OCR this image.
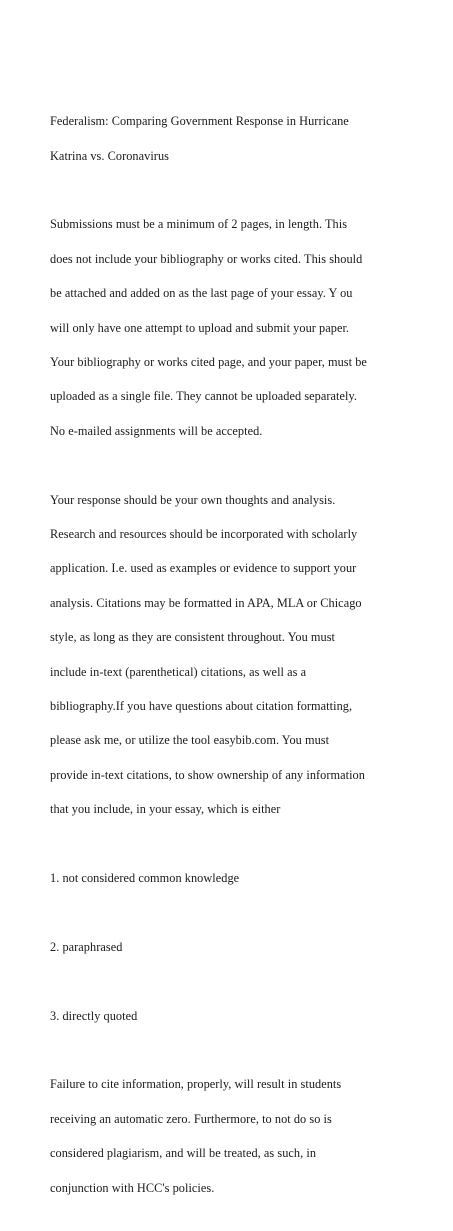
Federalism: Comparing Government Response in Hurricane

Katrina vs. Coronavirus

Submissions must be a minimum of 2 pages, in length. This

does not include your bibliography or works cited. This should

be attached and added on as the last page of your essay. Y ou

will only have one attempt to upload and submit your paper.

Your bibliography or works cited page, and your paper, must be

uploaded as a single file. They cannot be uploaded separately.

No e-mailed assignments will be accepted.

Your response should be your own thoughts and analysis.

Research and resources should be incorporated with scholarly

application. I.e. used as examples or evidence to support your

analysis. Citations may be formatted in APA, MLA or Chicago

style, as long as they are consistent throughout. You must

include in-text (parenthetical) citations, as well as a

bibliography.If you have questions about citation formatting,

please ask me, or utilize the tool easybib.com. You must

provide in-text citations, to show ownership of any information

that you include, in your essay, which is either

1. not considered common knowledge

2. paraphrased

3. directly quoted

Failure to cite information, properly, will result in students

receiving an automatic zero. Furthermore, to not do so is

considered plagiarism, and will be treated, as such, in

conjunction with HCC's policies.
